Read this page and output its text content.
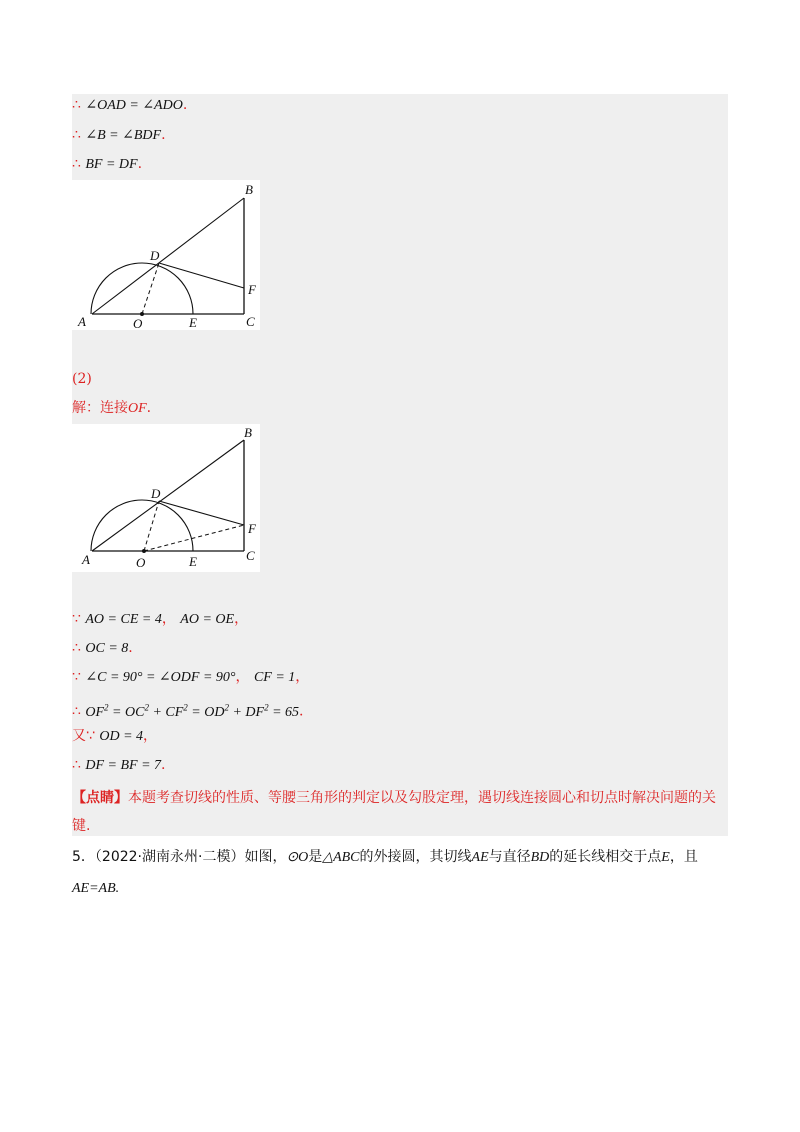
∴ ∠OAD = ∠ADO.
∴ ∠B = ∠BDF.
∴ BF = DF.
A
B
C
D
E
F
O
(2)
解：连接OF.
A
B
C
D
E
F
O
∵ AO = CE = 4， AO = OE，
∴ OC = 8.
∵ ∠C = 90° = ∠ODF = 90°， CF = 1，
∴ $OF^2 = OC^2 + CF^2 = OD^2 + DF^2 = 65$.
又∵ OD = 4，
∴ DF = BF = 7.
【点睛】本题考查切线的性质、等腰三角形的判定以及勾股定理，遇切线连接圆心和切点时解决问题的关键.
5．（2022·湖南永州·二模）如图，⊙O是△ABC的外接圆，其切线AE与直径BD的延长线相交于点E，且
AE=AB.
